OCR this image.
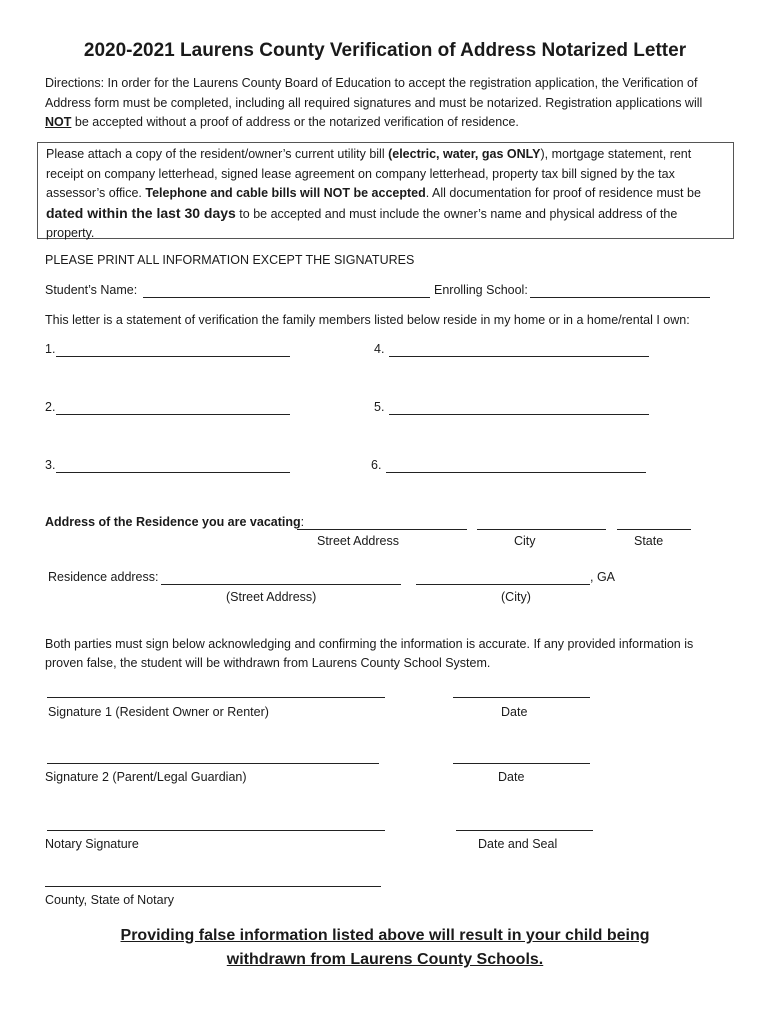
2020-2021 Laurens County Verification of Address Notarized Letter
Directions: In order for the Laurens County Board of Education to accept the registration application, the Verification of
Address form must be completed, including all required signatures and must be notarized. Registration applications will
NOT be accepted without a proof of address or the notarized verification of residence.
Please attach a copy of the resident/owner’s current utility bill (electric, water, gas ONLY), mortgage statement, rent
receipt on company letterhead, signed lease agreement on company letterhead, property tax bill signed by the tax
assessor’s office. Telephone and cable bills will NOT be accepted. All documentation for proof of residence must be
dated within the last 30 days to be accepted and must include the owner’s name and physical address of the
property.
PLEASE PRINT ALL INFORMATION EXCEPT THE SIGNATURES
Student’s Name:	Enrolling School:
This letter is a statement of verification the family members listed below reside in my home or in a home/rental I own:
1.	4.
2.	5.
3.	6.
Address of the Residence you are vacating:
Street Address	City	State
Residence address:	, GA
(Street Address)	(City)
Both parties must sign below acknowledging and confirming the information is accurate. If any provided information is
proven false, the student will be withdrawn from Laurens County School System.
Signature 1 (Resident Owner or Renter)	Date
Signature 2 (Parent/Legal Guardian)	Date
Notary Signature	Date and Seal
County, State of Notary
Providing false information listed above will result in your child being
withdrawn from Laurens County Schools.
